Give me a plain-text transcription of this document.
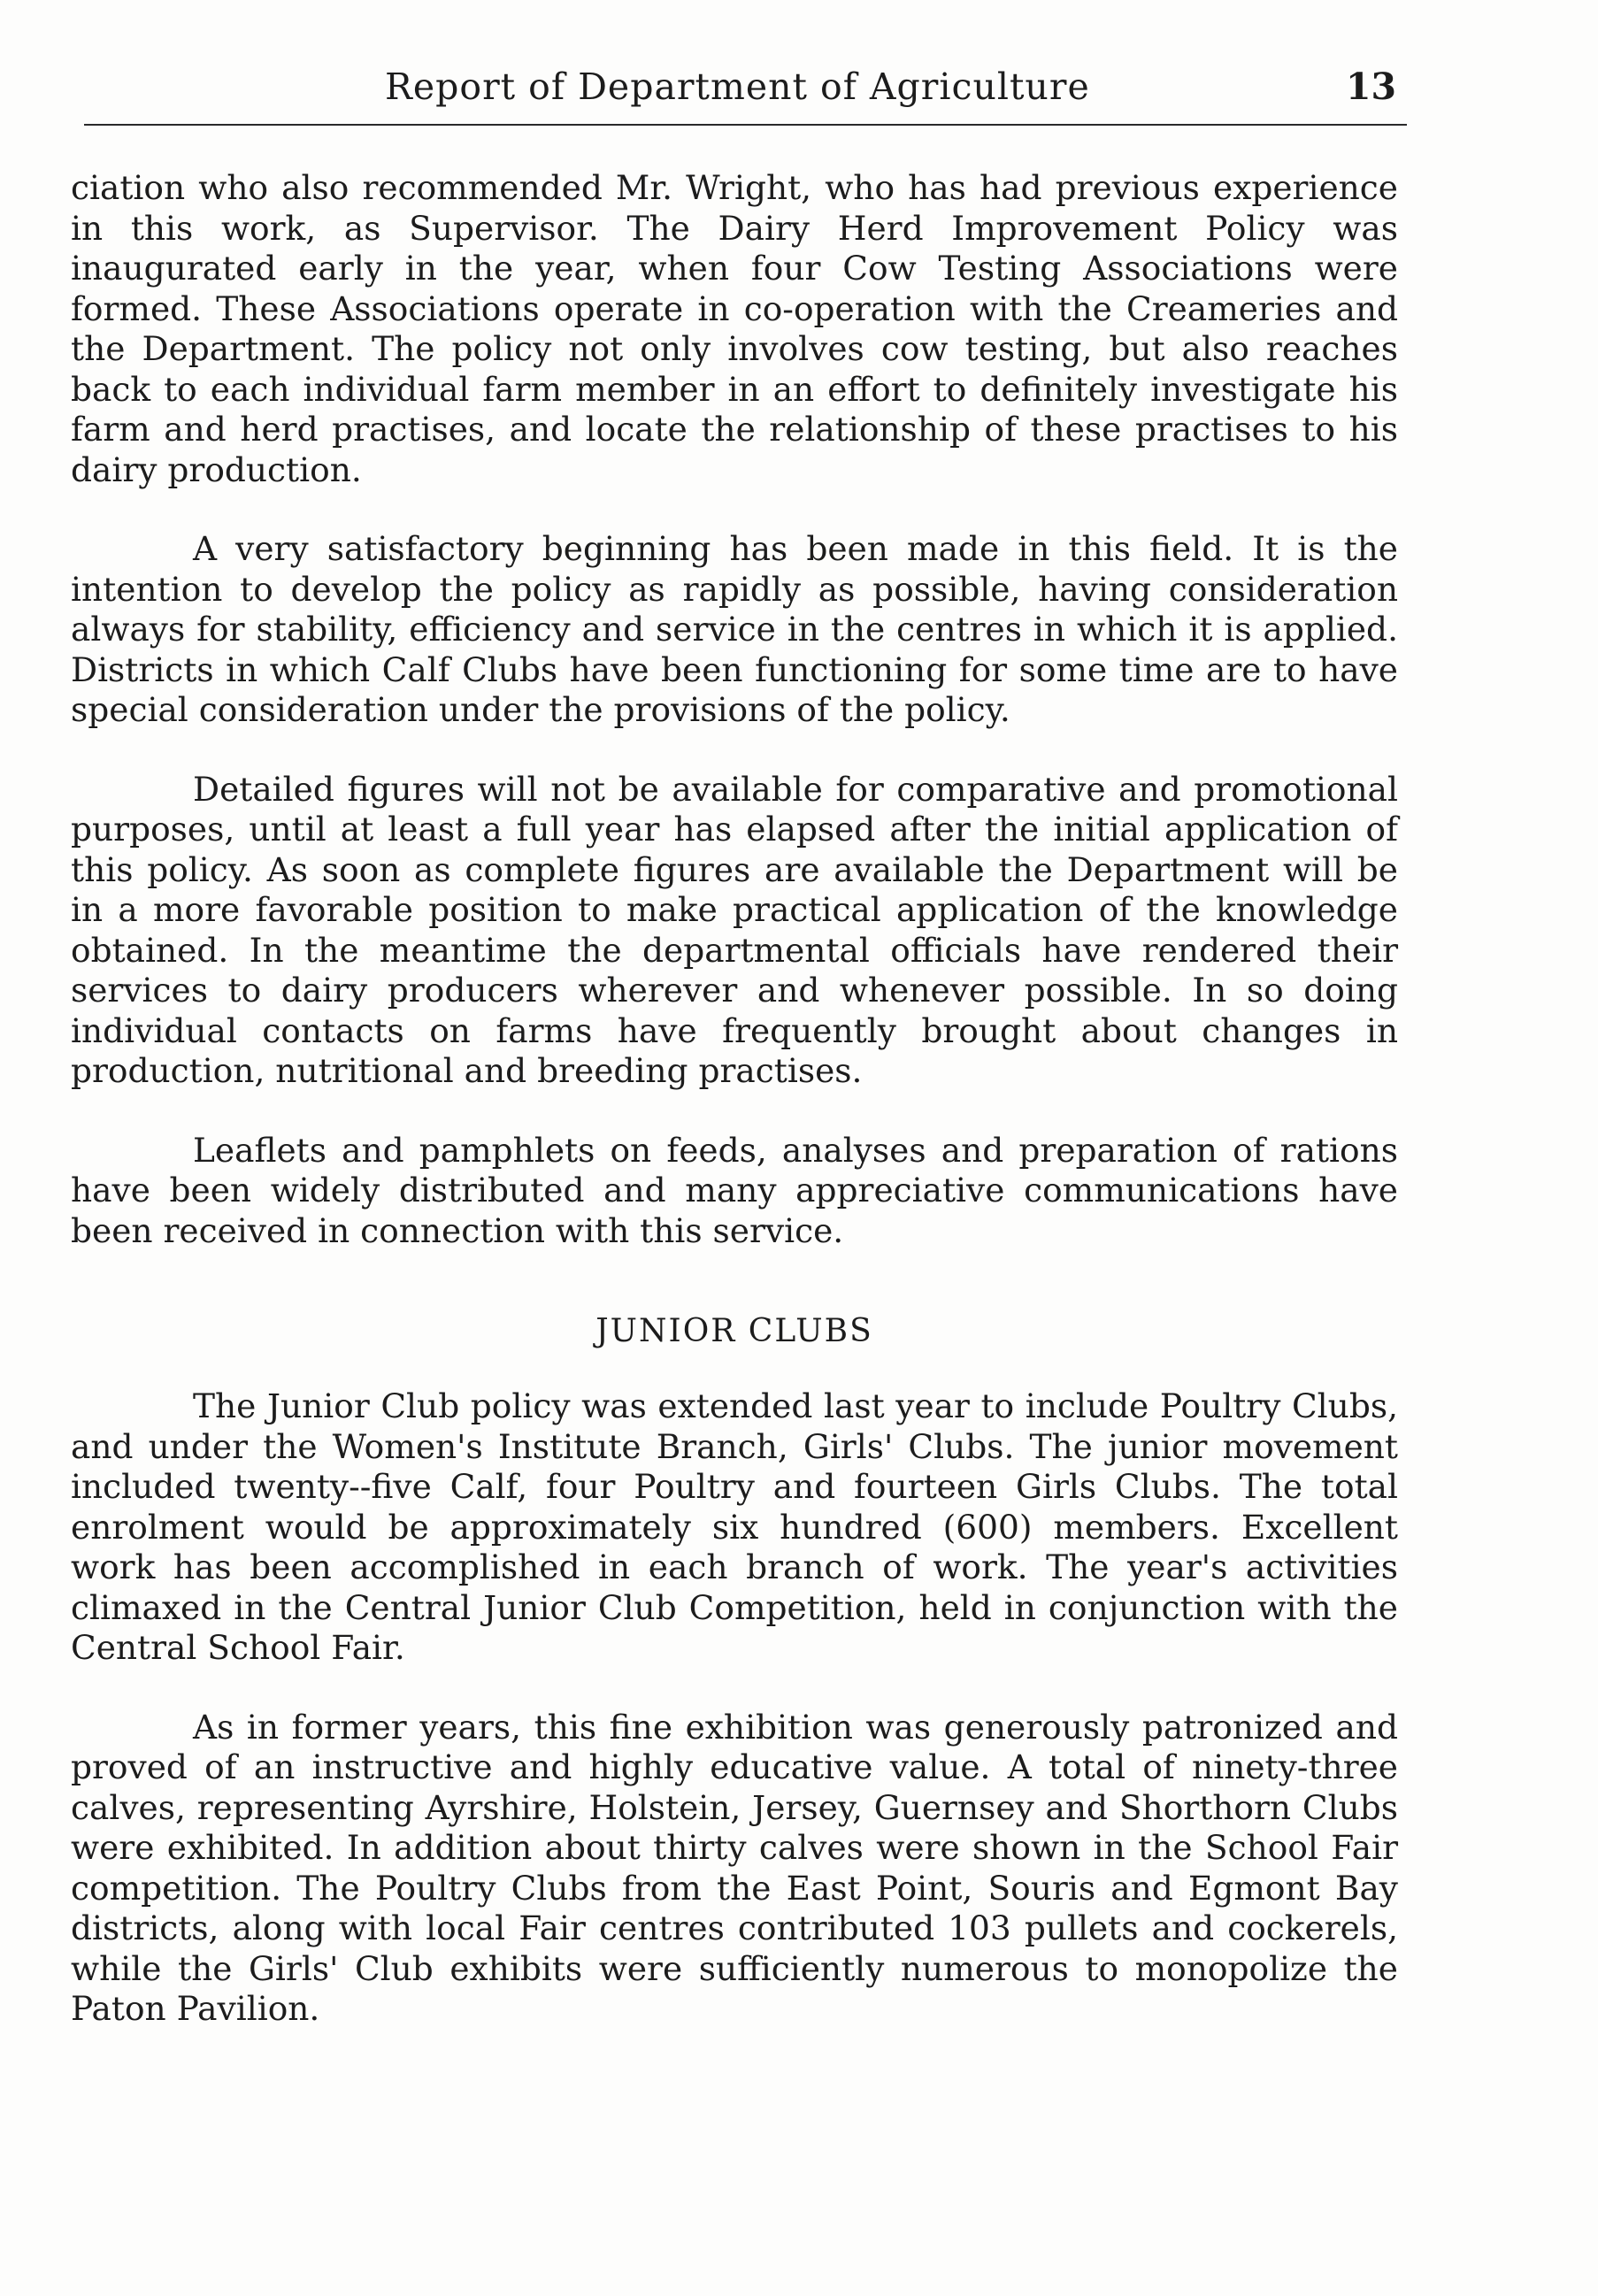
Report of Department of Agriculture	13

ciation who also recommended Mr. Wright, who has had previous experience in this work, as Supervisor. The Dairy Herd Improvement Policy was inaugurated early in the year, when four Cow Testing Associations were formed. These Associations operate in co-operation with the Creameries and the Department. The policy not only involves cow testing, but also reaches back to each individual farm member in an effort to definitely investigate his farm and herd practises, and locate the relationship of these practises to his dairy production.

A very satisfactory beginning has been made in this field. It is the intention to develop the policy as rapidly as possible, having consideration always for stability, efficiency and service in the centres in which it is applied. Districts in which Calf Clubs have been functioning for some time are to have special consideration under the provisions of the policy.

Detailed figures will not be available for comparative and promotional purposes, until at least a full year has elapsed after the initial application of this policy. As soon as complete figures are available the Department will be in a more favorable position to make practical application of the knowledge obtained. In the meantime the departmental officials have rendered their services to dairy producers wherever and whenever possible. In so doing individual contacts on farms have frequently brought about changes in production, nutritional and breeding practises.

Leaflets and pamphlets on feeds, analyses and preparation of rations have been widely distributed and many appreciative communications have been received in connection with this service.

JUNIOR CLUBS

The Junior Club policy was extended last year to include Poultry Clubs, and under the Women's Institute Branch, Girls' Clubs. The junior movement included twenty--five Calf, four Poultry and fourteen Girls Clubs. The total enrolment would be approximately six hundred (600) members. Excellent work has been accomplished in each branch of work. The year's activities climaxed in the Central Junior Club Competition, held in conjunction with the Central School Fair.

As in former years, this fine exhibition was generously patronized and proved of an instructive and highly educative value. A total of ninety-three calves, representing Ayrshire, Holstein, Jersey, Guernsey and Shorthorn Clubs were exhibited. In addition about thirty calves were shown in the School Fair competition. The Poultry Clubs from the East Point, Souris and Egmont Bay districts, along with local Fair centres contributed 103 pullets and cockerels, while the Girls' Club exhibits were sufficiently numerous to monopolize the Paton Pavilion.
